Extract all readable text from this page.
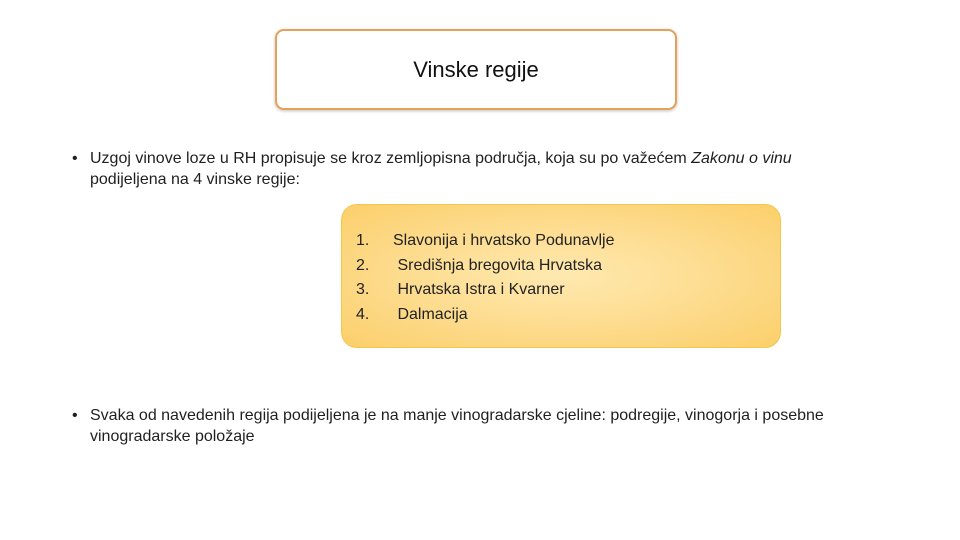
Vinske regije
• Uzgoj vinove loze u RH propisuje se kroz zemljopisna područja, koja su po važećem Zakonu o vinu
podijeljena na 4 vinske regije:
1. Slavonija i hrvatsko Podunavlje
2. Središnja bregovita Hrvatska
3. Hrvatska Istra i Kvarner
4. Dalmacija
• Svaka od navedenih regija podijeljena je na manje vinogradarske cjeline: podregije, vinogorja i posebne vinogradarske položaje
